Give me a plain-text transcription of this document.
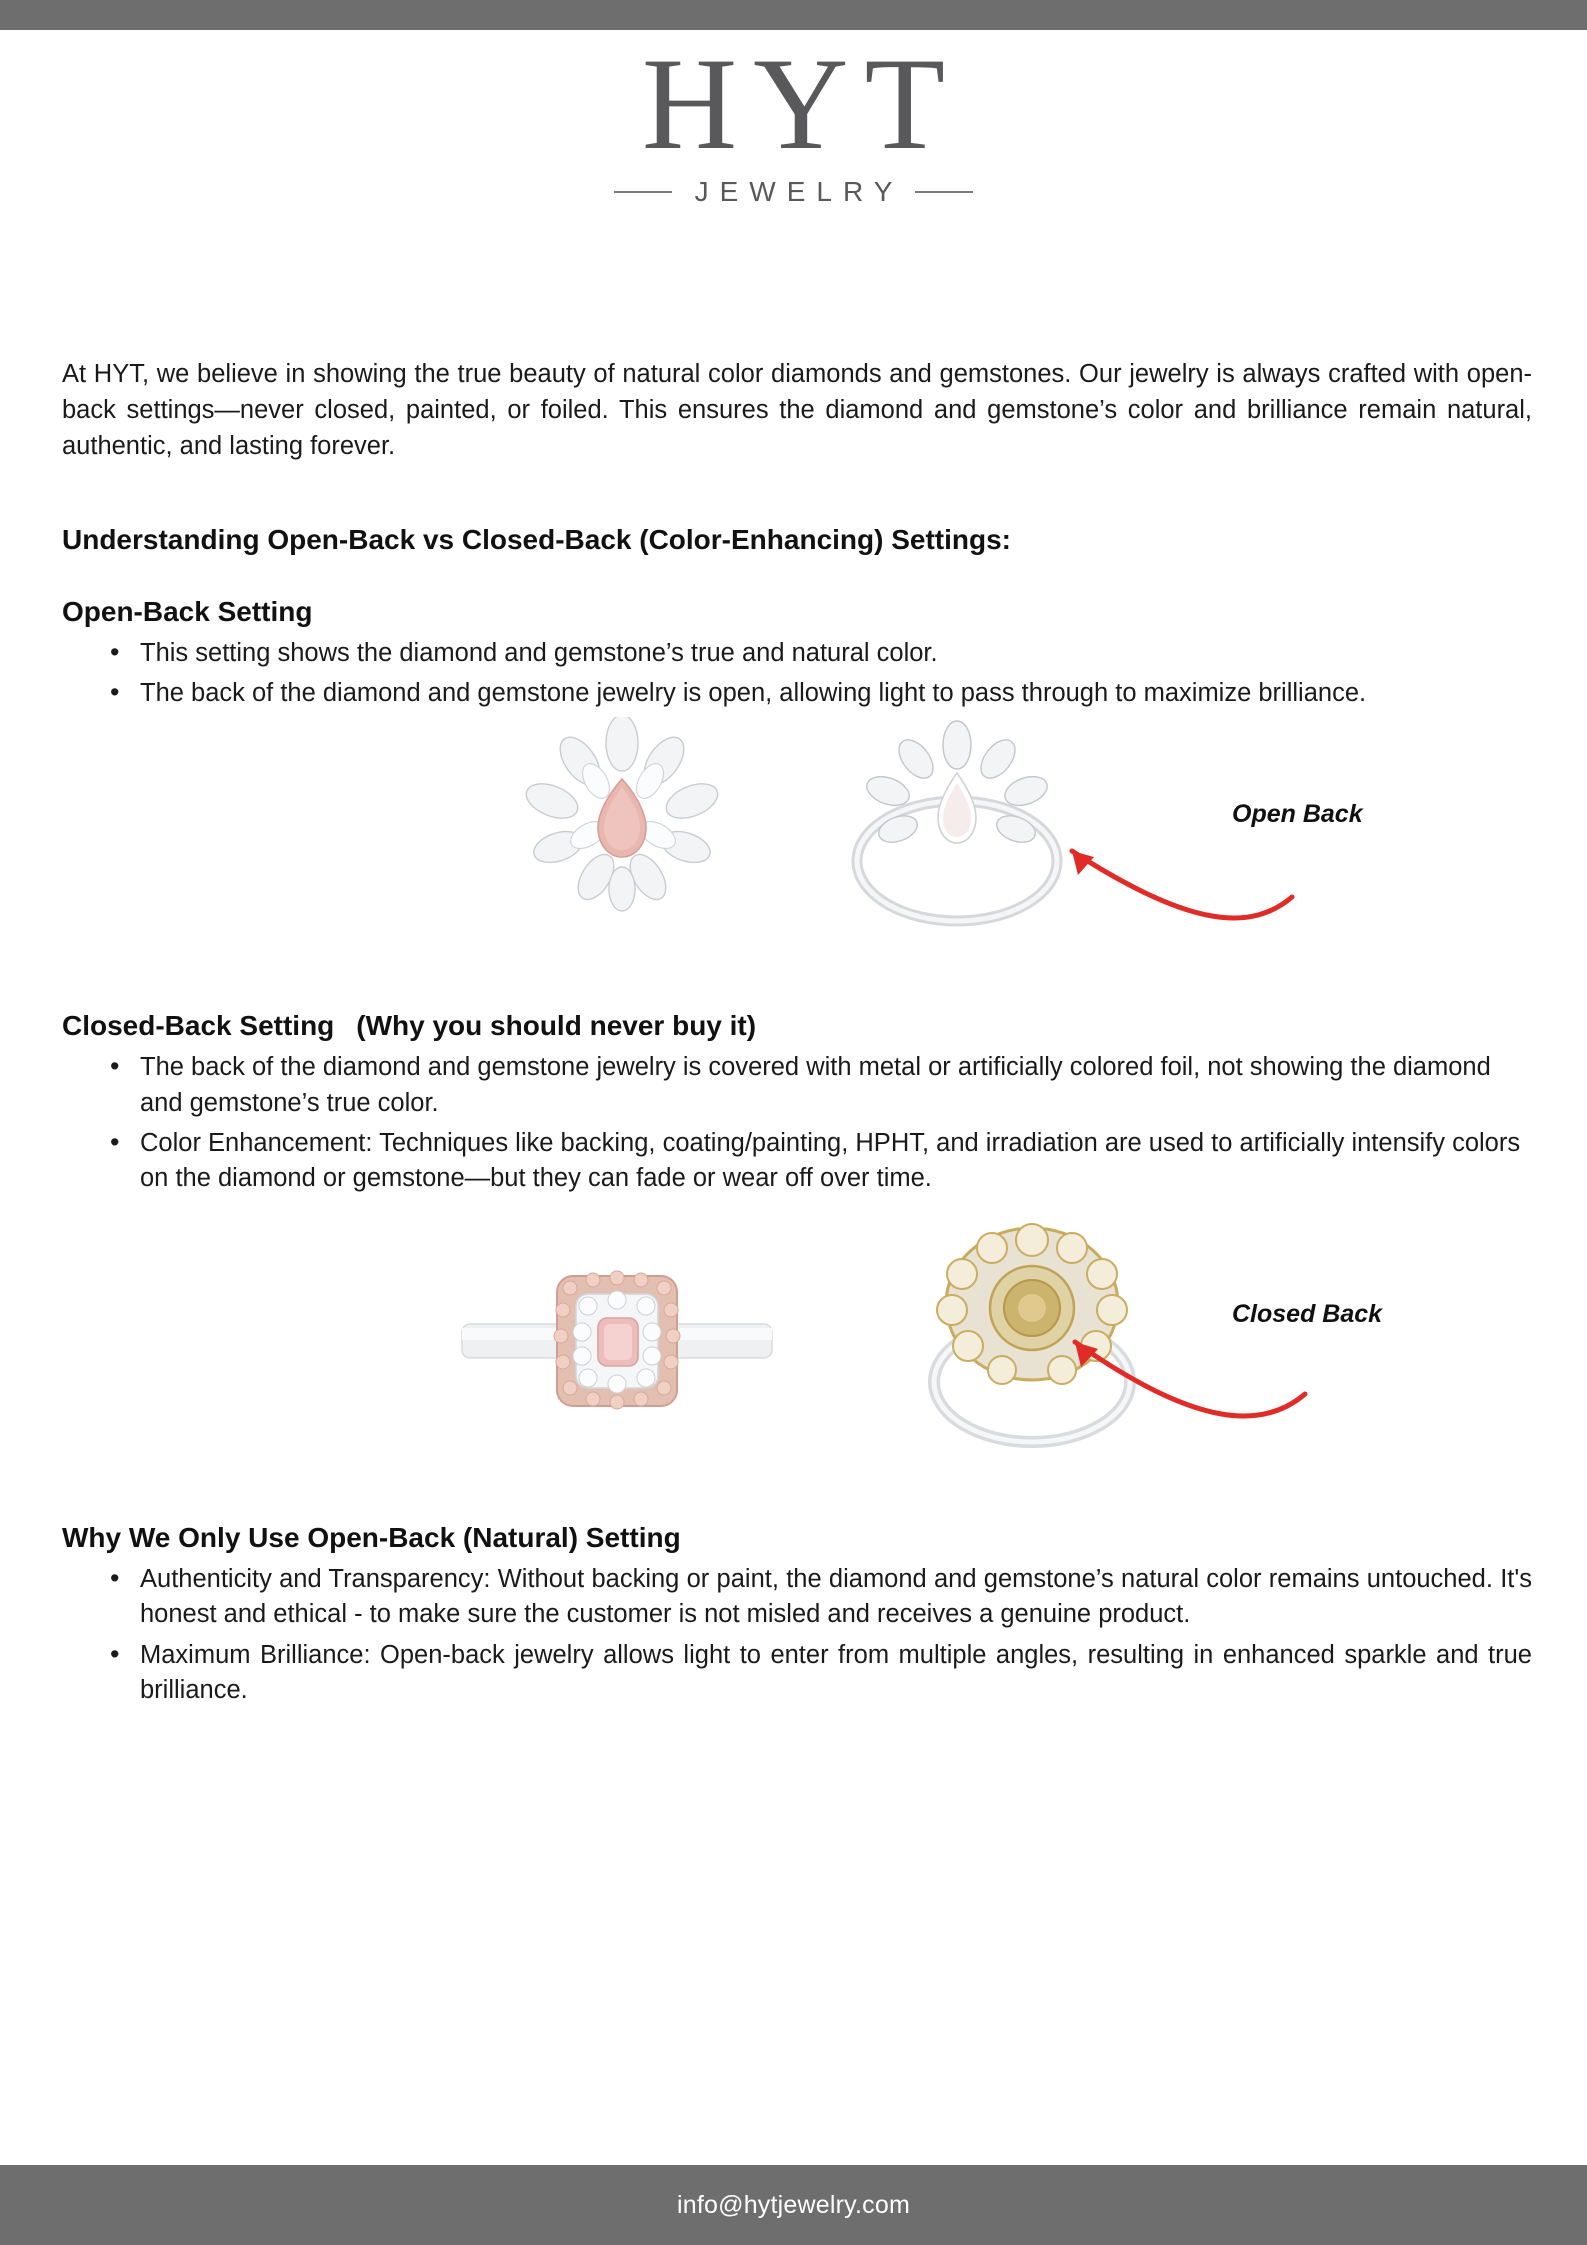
HYT
JEWELRY

At HYT, we believe in showing the true beauty of natural color diamonds and gemstones. Our jewelry is always crafted with open-back settings—never closed, painted, or foiled. This ensures the diamond and gemstone’s color and brilliance remain natural, authentic, and lasting forever.

Understanding Open-Back vs Closed-Back (Color-Enhancing) Settings:
Open-Back Setting
• This setting shows the diamond and gemstone’s true and natural color.
• The back of the diamond and gemstone jewelry is open, allowing light to pass through to maximize brilliance.
Open Back
Closed-Back Setting (Why you should never buy it)
• The back of the diamond and gemstone jewelry is covered with metal or artificially colored foil, not showing the diamond and gemstone’s true color.
• Color Enhancement: Techniques like backing, coating/painting, HPHT, and irradiation are used to artificially intensify colors on the diamond or gemstone—but they can fade or wear off over time.
Closed Back
Why We Only Use Open-Back (Natural) Setting
• Authenticity and Transparency: Without backing or paint, the diamond and gemstone’s natural color remains untouched. It's honest and ethical - to make sure the customer is not misled and receives a genuine product.
• Maximum Brilliance: Open-back jewelry allows light to enter from multiple angles, resulting in enhanced sparkle and true brilliance.
info@hytjewelry.com
